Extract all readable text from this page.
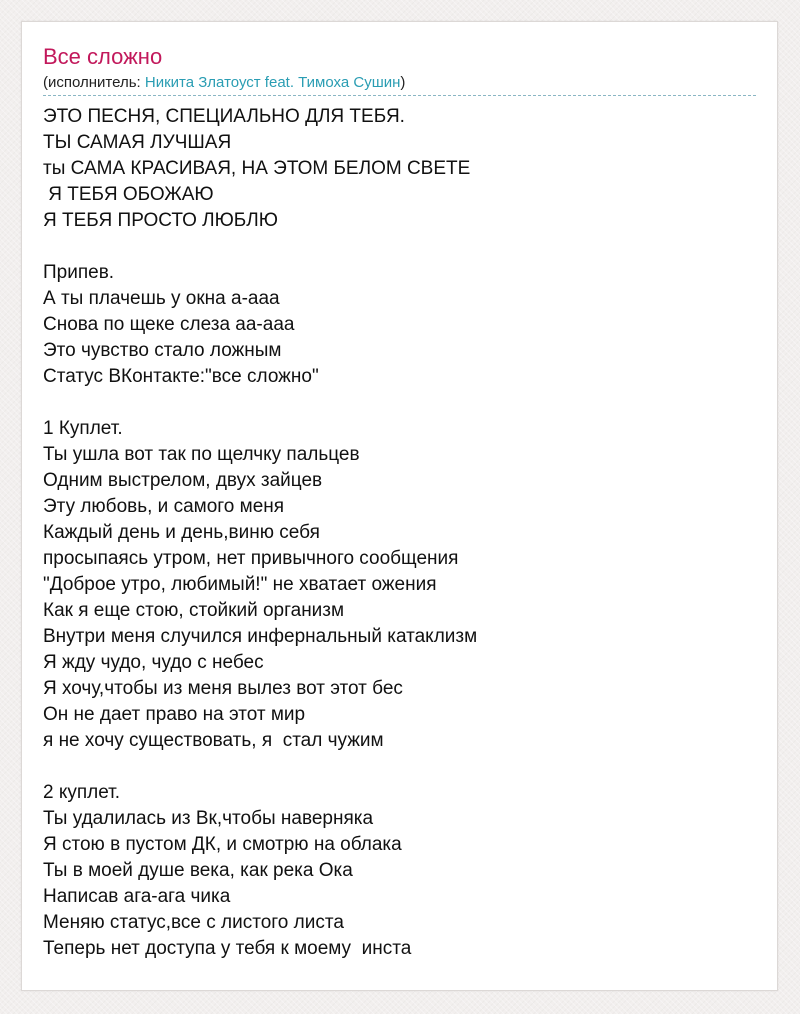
Все сложно
(исполнитель: Никита Златоуст feat. Тимоха Сушин)
ЭТО ПЕСНЯ, СПЕЦИАЛЬНО ДЛЯ ТЕБЯ.
ТЫ САМАЯ ЛУЧШАЯ
ты САМА КРАСИВАЯ, НА ЭТОМ БЕЛОМ СВЕТЕ
Я ТЕБЯ ОБОЖАЮ
Я ТЕБЯ ПРОСТО ЛЮБЛЮ
Припев.
А ты плачешь у окна а-ааа
Снова по щеке слеза аа-ааа
Это чувство стало ложным
Статус ВКонтакте:"все сложно"
1 Куплет.
Ты ушла вот так по щелчку пальцев
Одним выстрелом, двух зайцев
Эту любовь, и самого меня
Каждый день и день,виню себя
просыпаясь утром, нет привычного сообщения
"Доброе утро, любимый!" не хватает ожения
Как я еще стою, стойкий организм
Внутри меня случился инфернальный катаклизм
Я жду чудо, чудо с небес
Я хочу,чтобы из меня вылез вот этот бес
Он не дает право на этот мир
я не хочу существовать, я  стал чужим
2 куплет.
Ты удалилась из Вк,чтобы наверняка
Я стою в пустом ДК, и смотрю на облака
Ты в моей душе века, как река Ока
Написав ага-ага чика
Меняю статус,все с листого листа
Теперь нет доступа у тебя к моему  инста
